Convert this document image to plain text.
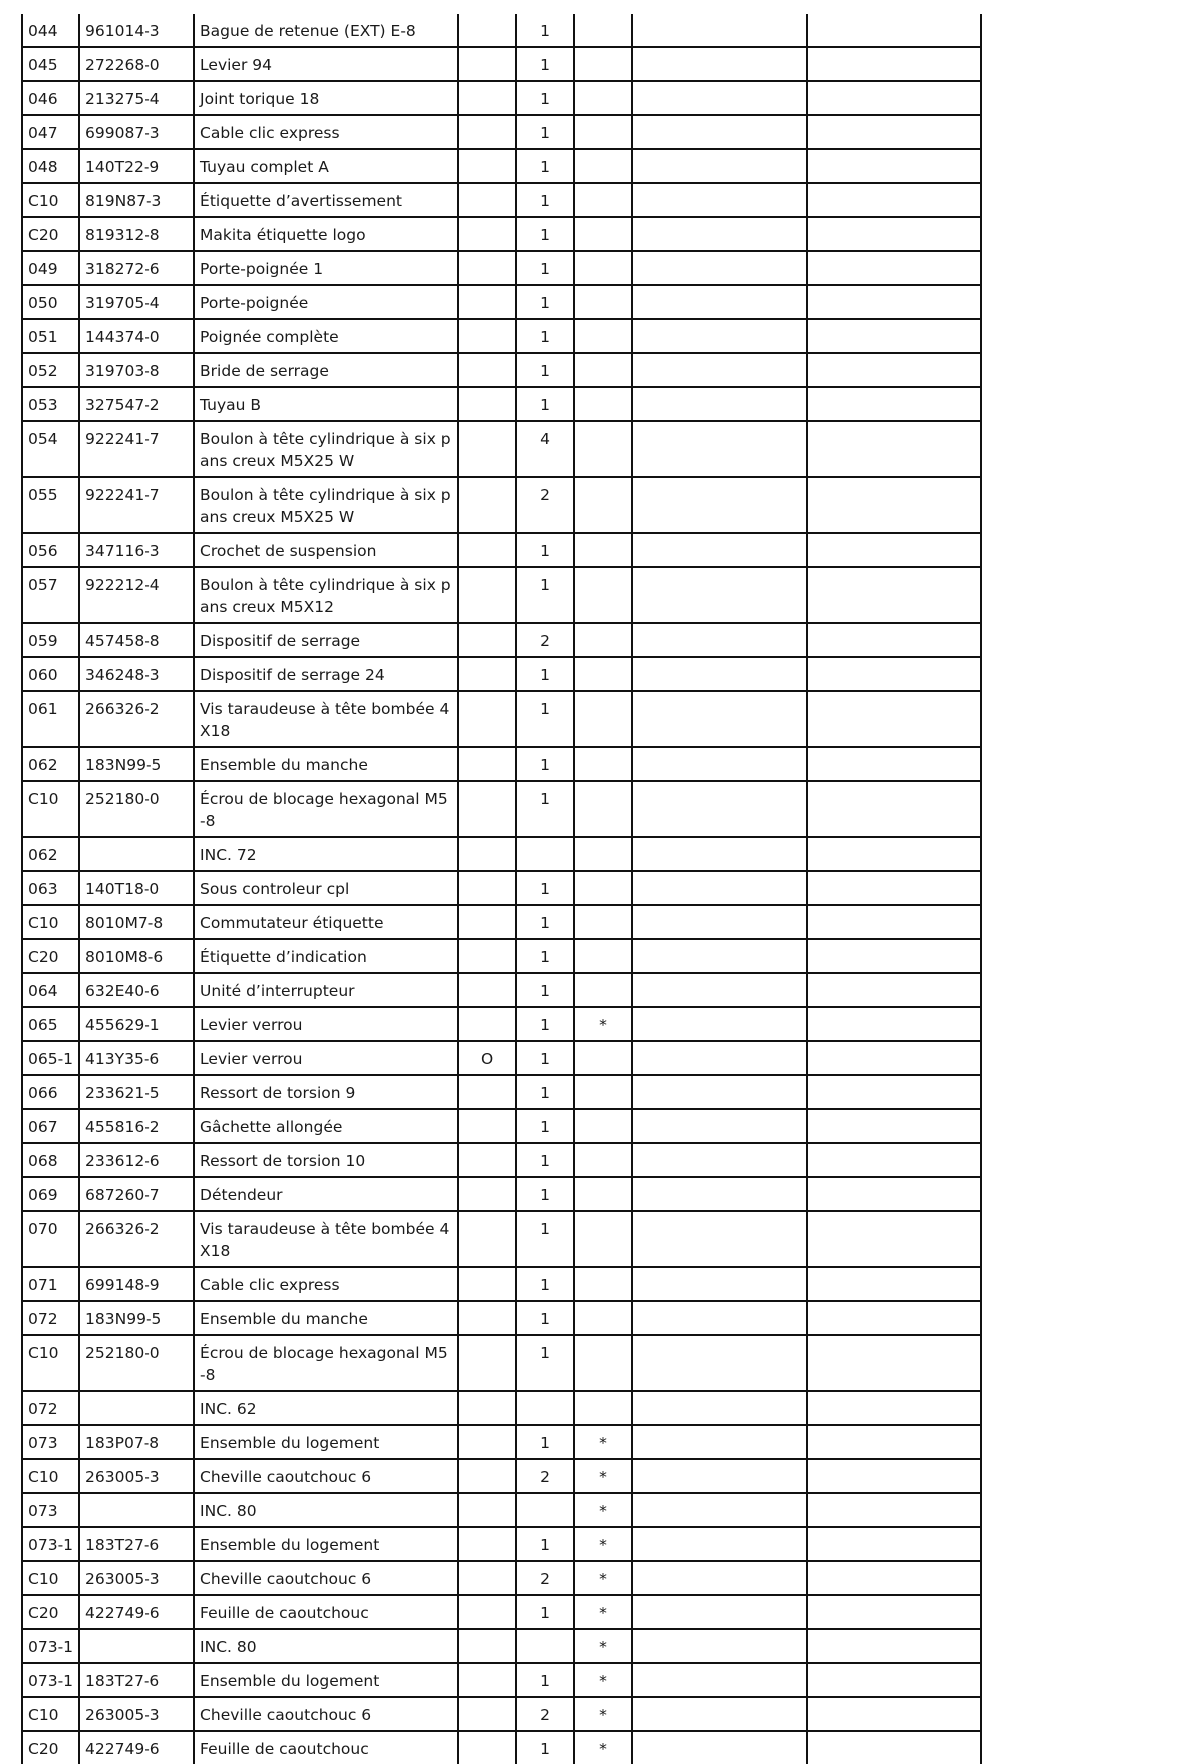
044	961014-3	Bague de retenue (EXT) E-8		1			
045	272268-0	Levier 94		1			
046	213275-4	Joint torique 18		1			
047	699087-3	Cable clic express		1			
048	140T22-9	Tuyau complet A		1			
C10	819N87-3	Étiquette d’avertissement		1			
C20	819312-8	Makita étiquette logo		1			
049	318272-6	Porte-poignée 1		1			
050	319705-4	Porte-poignée		1			
051	144374-0	Poignée complète		1			
052	319703-8	Bride de serrage		1			
053	327547-2	Tuyau B		1			
054	922241-7	Boulon à tête cylindrique à six pans creux M5X25 W		4			
055	922241-7	Boulon à tête cylindrique à six pans creux M5X25 W		2			
056	347116-3	Crochet de suspension		1			
057	922212-4	Boulon à tête cylindrique à six pans creux M5X12		1			
059	457458-8	Dispositif de serrage		2			
060	346248-3	Dispositif de serrage 24		1			
061	266326-2	Vis taraudeuse à tête bombée 4X18		1			
062	183N99-5	Ensemble du manche		1			
C10	252180-0	Écrou de blocage hexagonal M5-8		1			
062		INC. 72					
063	140T18-0	Sous controleur cpl		1			
C10	8010M7-8	Commutateur étiquette		1			
C20	8010M8-6	Étiquette d’indication		1			
064	632E40-6	Unité d’interrupteur		1			
065	455629-1	Levier verrou		1	*		
065-1	413Y35-6	Levier verrou	O	1			
066	233621-5	Ressort de torsion 9		1			
067	455816-2	Gâchette allongée		1			
068	233612-6	Ressort de torsion 10		1			
069	687260-7	Détendeur		1			
070	266326-2	Vis taraudeuse à tête bombée 4X18		1			
071	699148-9	Cable clic express		1			
072	183N99-5	Ensemble du manche		1			
C10	252180-0	Écrou de blocage hexagonal M5-8		1			
072		INC. 62					
073	183P07-8	Ensemble du logement		1	*		
C10	263005-3	Cheville caoutchouc 6		2	*		
073		INC. 80			*		
073-1	183T27-6	Ensemble du logement		1	*		
C10	263005-3	Cheville caoutchouc 6		2	*		
C20	422749-6	Feuille de caoutchouc		1	*		
073-1		INC. 80			*		
073-1	183T27-6	Ensemble du logement		1	*		
C10	263005-3	Cheville caoutchouc 6		2	*		
C20	422749-6	Feuille de caoutchouc		1	*		
